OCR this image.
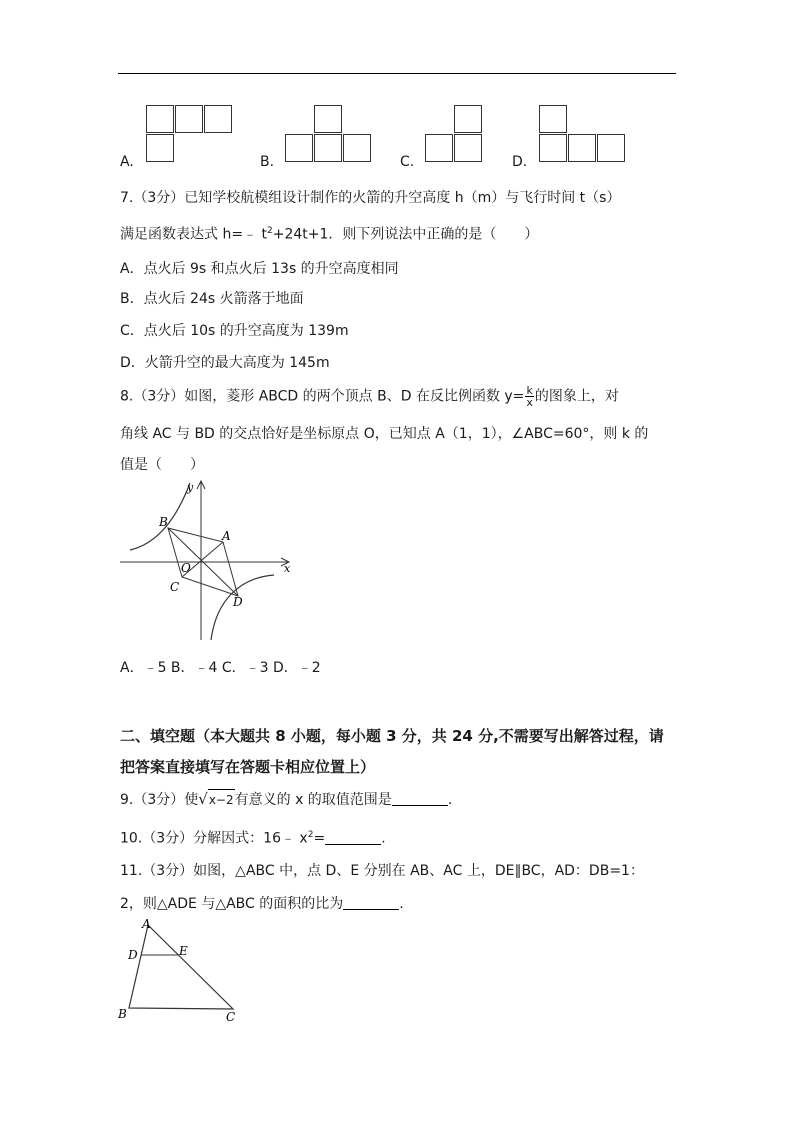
A.	B.	C.	D.
7.（3分）已知学校航模组设计制作的火箭的升空高度 h（m）与飞行时间 t（s）
满足函数表达式 h=﹣ $t^2+24t+1$．则下列说法中正确的是（　　）
A．点火后 9s 和点火后 13s 的升空高度相同
B．点火后 24s 火箭落于地面
C．点火后 10s 的升空高度为 139m
D．火箭升空的最大高度为 145m
8.（3分）如图，菱形 ABCD 的两个顶点 B、D 在反比例函数 $y= \frac{k}{x}$ 的图象上，对
角线 AC 与 BD 的交点恰好是坐标原点 O，已知点 A（1，1），∠ABC=60°，则 k 的
值是（　　）
y
x
B
A
O
C
D
A．﹣5 B．﹣4 C．﹣3 D．﹣2
二、填空题（本大题共 8 小题，每小题 3 分，共 24 分,不需要写出解答过程，请
把答案直接填写在答题卡相应位置上）
9.（3分）使√x−2有意义的 x 的取值范围是	.
10.（3分）分解因式：16﹣ $x^2=$	.
11.（3分）如图，△ABC 中，点 D、E 分别在 AB、AC 上，DE∥BC，AD：DB=1：
2，则△ADE 与△ABC 的面积的比为	.
A
D	E
B	C
